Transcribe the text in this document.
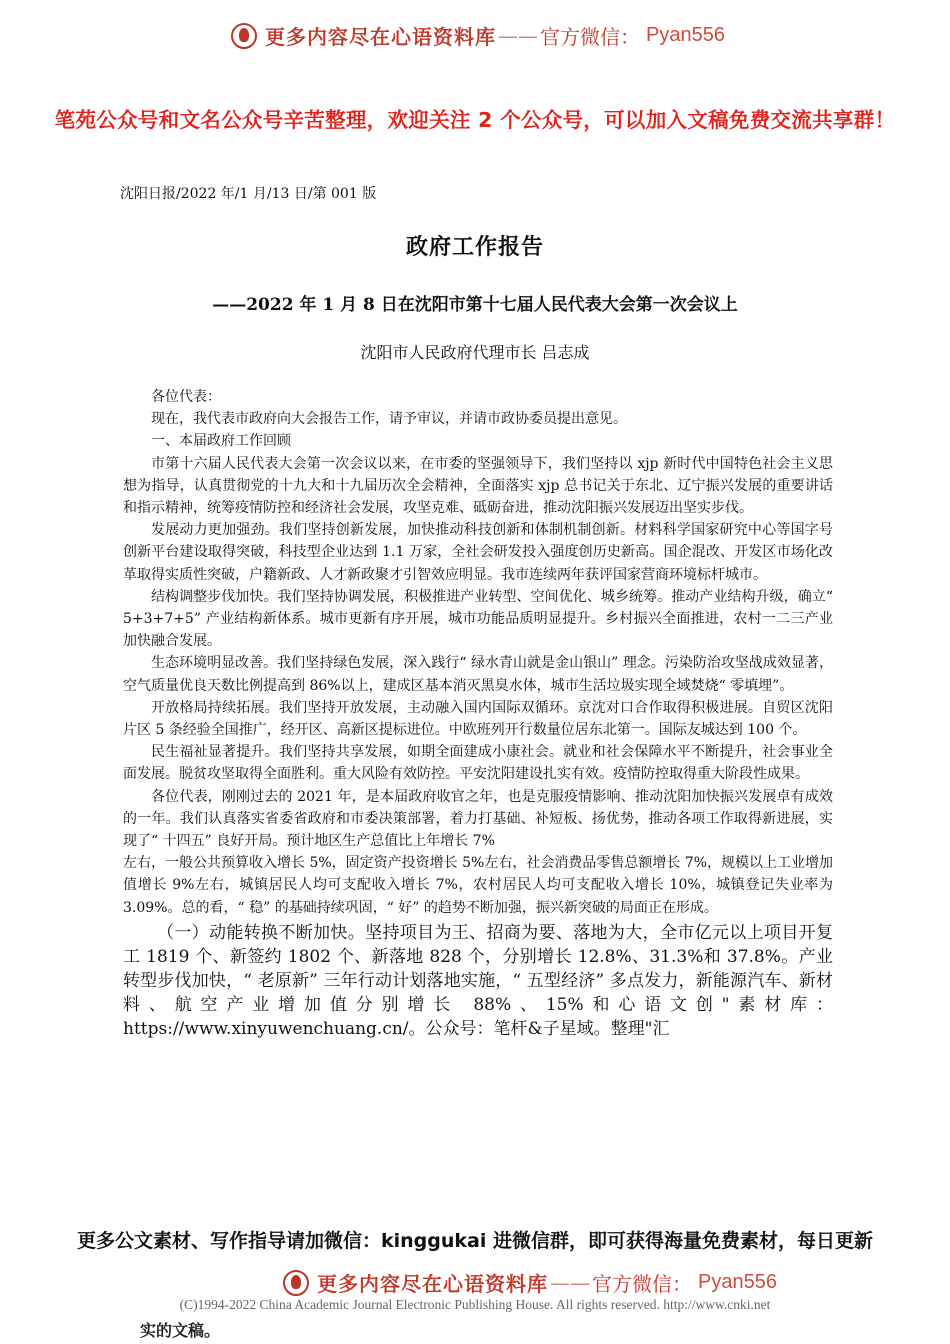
更多内容尽在心语资料库 —— 官方微信： Pyan556
笔苑公众号和文名公众号辛苦整理，欢迎关注 2 个公众号，可以加入文稿免费交流共享群！
沈阳日报/2022 年/1 月/13 日/第 001 版
政府工作报告
——2022 年 1 月 8 日在沈阳市第十七届人民代表大会第一次会议上
沈阳市人民政府代理市长 吕志成

各位代表：

现在，我代表市政府向大会报告工作，请予审议，并请市政协委员提出意见。

一、本届政府工作回顾

市第十六届人民代表大会第一次会议以来，在市委的坚强领导下，我们坚持以 xjp 新时代中国特色社会主义思想为指导，认真贯彻党的十九大和十九届历次全会精神，全面落实 xjp 总书记关于东北、辽宁振兴发展的重要讲话和指示精神，统筹疫情防控和经济社会发展，攻坚克难、砥砺奋进，推动沈阳振兴发展迈出坚实步伐。

发展动力更加强劲。我们坚持创新发展，加快推动科技创新和体制机制创新。材料科学国家研究中心等国字号创新平台建设取得突破，科技型企业达到 1.1 万家，全社会研发投入强度创历史新高。国企混改、开发区市场化改革取得实质性突破，户籍新政、人才新政聚才引智效应明显。我市连续两年获评国家营商环境标杆城市。

结构调整步伐加快。我们坚持协调发展，积极推进产业转型、空间优化、城乡统筹。推动产业结构升级，确立“ 5+3+7+5” 产业结构新体系。城市更新有序开展，城市功能品质明显提升。乡村振兴全面推进，农村一二三产业加快融合发展。

生态环境明显改善。我们坚持绿色发展，深入践行“ 绿水青山就是金山银山” 理念。污染防治攻坚战成效显著，空气质量优良天数比例提高到 86%以上，建成区基本消灭黑臭水体，城市生活垃圾实现全域焚烧“ 零填埋”。

开放格局持续拓展。我们坚持开放发展，主动融入国内国际双循环。京沈对口合作取得积极进展。自贸区沈阳片区 5 条经验全国推广，经开区、高新区提标进位。中欧班列开行数量位居东北第一。国际友城达到 100 个。

民生福祉显著提升。我们坚持共享发展，如期全面建成小康社会。就业和社会保障水平不断提升，社会事业全面发展。脱贫攻坚取得全面胜利。重大风险有效防控。平安沈阳建设扎实有效。疫情防控取得重大阶段性成果。

各位代表，刚刚过去的 2021 年，是本届政府收官之年，也是克服疫情影响、推动沈阳加快振兴发展卓有成效的一年。我们认真落实省委省政府和市委决策部署，着力打基础、补短板、扬优势，推动各项工作取得新进展，实现了“ 十四五” 良好开局。预计地区生产总值比上年增长 7%

左右，一般公共预算收入增长 5%，固定资产投资增长 5%左右，社会消费品零售总额增长 7%，规模以上工业增加值增长 9%左右，城镇居民人均可支配收入增长 7%，农村居民人均可支配收入增长 10%，城镇登记失业率为 3.09%。总的看，“ 稳” 的基础持续巩固，“ 好” 的趋势不断加强，振兴新突破的局面正在形成。

（一）动能转换不断加快。坚持项目为王、招商为要、落地为大，全市亿元以上项目开复工 1819 个、新签约 1802 个、新落地 828 个，分别增长 12.8%、31.3%和 37.8%。产业转型步伐加快，“ 老原新” 三年行动计划落地实施，“ 五型经济” 多点发力，新能源汽车、新材料、航空产业增加值分别增长 88%、15%和心语文创"素材库：https://www.xinyuwenchuang.cn/。公众号：笔杆&子星域。整理"汇

更多公文素材、写作指导请加微信：kinggukai 进微信群，即可获得海量免费素材，每日更新
更多内容尽在心语资料库 —— 官方微信： Pyan556
(C)1994-2022 China Academic Journal Electronic Publishing House. All rights reserved. http://www.cnki.net
实的文稿。
